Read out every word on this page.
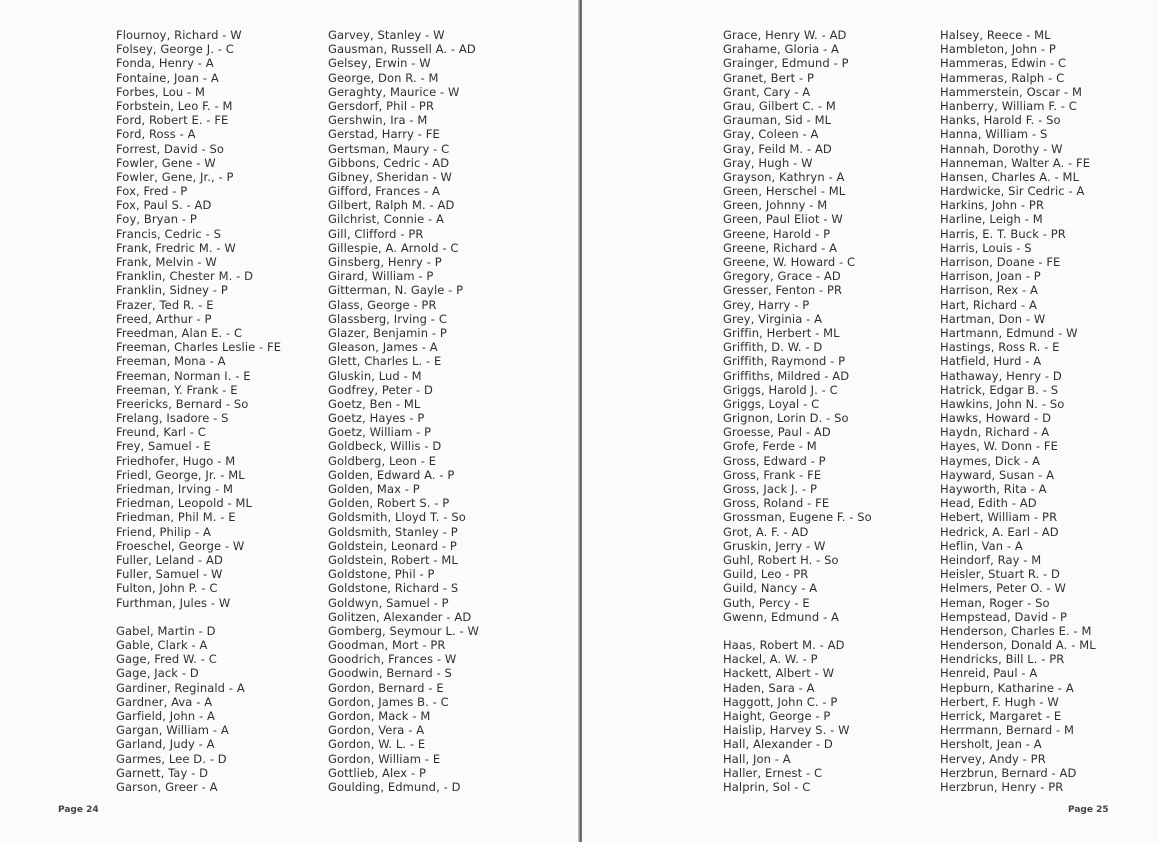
Flournoy, Richard - W
Folsey, George J. - C
Fonda, Henry - A
Fontaine, Joan - A
Forbes, Lou - M
Forbstein, Leo F. - M
Ford, Robert E. - FE
Ford, Ross - A
Forrest, David - So
Fowler, Gene - W
Fowler, Gene, Jr., - P
Fox, Fred - P
Fox, Paul S. - AD
Foy, Bryan - P
Francis, Cedric - S
Frank, Fredric M. - W
Frank, Melvin - W
Franklin, Chester M. - D
Franklin, Sidney - P
Frazer, Ted R. - E
Freed, Arthur - P
Freedman, Alan E. - C
Freeman, Charles Leslie - FE
Freeman, Mona - A
Freeman, Norman I. - E
Freeman, Y. Frank - E
Freericks, Bernard - So
Frelang, Isadore - S
Freund, Karl - C
Frey, Samuel - E
Friedhofer, Hugo - M
Friedl, George, Jr. - ML
Friedman, Irving - M
Friedman, Leopold - ML
Friedman, Phil M. - E
Friend, Philip - A
Froeschel, George - W
Fuller, Leland - AD
Fuller, Samuel - W
Fulton, John P. - C
Furthman, Jules - W
Gabel, Martin - D
Gable, Clark - A
Gage, Fred W. - C
Gage, Jack - D
Gardiner, Reginald - A
Gardner, Ava - A
Garfield, John - A
Gargan, William - A
Garland, Judy - A
Garmes, Lee D. - D
Garnett, Tay - D
Garson, Greer - A
Garvey, Stanley - W
Gausman, Russell A. - AD
Gelsey, Erwin - W
George, Don R. - M
Geraghty, Maurice - W
Gersdorf, Phil - PR
Gershwin, Ira - M
Gerstad, Harry - FE
Gertsman, Maury - C
Gibbons, Cedric - AD
Gibney, Sheridan - W
Gifford, Frances - A
Gilbert, Ralph M. - AD
Gilchrist, Connie - A
Gill, Clifford - PR
Gillespie, A. Arnold - C
Ginsberg, Henry - P
Girard, William - P
Gitterman, N. Gayle - P
Glass, George - PR
Glassberg, Irving - C
Glazer, Benjamin - P
Gleason, James - A
Glett, Charles L. - E
Gluskin, Lud - M
Godfrey, Peter - D
Goetz, Ben - ML
Goetz, Hayes - P
Goetz, William - P
Goldbeck, Willis - D
Goldberg, Leon - E
Golden, Edward A. - P
Golden, Max - P
Golden, Robert S. - P
Goldsmith, Lloyd T. - So
Goldsmith, Stanley - P
Goldstein, Leonard - P
Goldstein, Robert - ML
Goldstone, Phil - P
Goldstone, Richard - S
Goldwyn, Samuel - P
Golitzen, Alexander - AD
Gomberg, Seymour L. - W
Goodman, Mort - PR
Goodrich, Frances - W
Goodwin, Bernard - S
Gordon, Bernard - E
Gordon, James B. - C
Gordon, Mack - M
Gordon, Vera - A
Gordon, W. L. - E
Gordon, William - E
Gottlieb, Alex - P
Goulding, Edmund, - D
Page 24
Grace, Henry W. - AD
Grahame, Gloria - A
Grainger, Edmund - P
Granet, Bert - P
Grant, Cary - A
Grau, Gilbert C. - M
Grauman, Sid - ML
Gray, Coleen - A
Gray, Feild M. - AD
Gray, Hugh - W
Grayson, Kathryn - A
Green, Herschel - ML
Green, Johnny - M
Green, Paul Eliot - W
Greene, Harold - P
Greene, Richard - A
Greene, W. Howard - C
Gregory, Grace - AD
Gresser, Fenton - PR
Grey, Harry - P
Grey, Virginia - A
Griffin, Herbert - ML
Griffith, D. W. - D
Griffith, Raymond - P
Griffiths, Mildred - AD
Griggs, Harold J. - C
Griggs, Loyal - C
Grignon, Lorin D. - So
Groesse, Paul - AD
Grofe, Ferde - M
Gross, Edward - P
Gross, Frank - FE
Gross, Jack J. - P
Gross, Roland - FE
Grossman, Eugene F. - So
Grot, A. F. - AD
Gruskin, Jerry - W
Guhl, Robert H. - So
Guild, Leo - PR
Guild, Nancy - A
Guth, Percy - E
Gwenn, Edmund - A
Haas, Robert M. - AD
Hackel, A. W. - P
Hackett, Albert - W
Haden, Sara - A
Haggott, John C. - P
Haight, George - P
Haislip, Harvey S. - W
Hall, Alexander - D
Hall, Jon - A
Haller, Ernest - C
Halprin, Sol - C
Halsey, Reece - ML
Hambleton, John - P
Hammeras, Edwin - C
Hammeras, Ralph - C
Hammerstein, Oscar - M
Hanberry, William F. - C
Hanks, Harold F. - So
Hanna, William - S
Hannah, Dorothy - W
Hanneman, Walter A. - FE
Hansen, Charles A. - ML
Hardwicke, Sir Cedric - A
Harkins, John - PR
Harline, Leigh - M
Harris, E. T. Buck - PR
Harris, Louis - S
Harrison, Doane - FE
Harrison, Joan - P
Harrison, Rex - A
Hart, Richard - A
Hartman, Don - W
Hartmann, Edmund - W
Hastings, Ross R. - E
Hatfield, Hurd - A
Hathaway, Henry - D
Hatrick, Edgar B. - S
Hawkins, John N. - So
Hawks, Howard - D
Haydn, Richard - A
Hayes, W. Donn - FE
Haymes, Dick - A
Hayward, Susan - A
Hayworth, Rita - A
Head, Edith - AD
Hebert, William - PR
Hedrick, A. Earl - AD
Heflin, Van - A
Heindorf, Ray - M
Heisler, Stuart R. - D
Helmers, Peter O. - W
Heman, Roger - So
Hempstead, David - P
Henderson, Charles E. - M
Henderson, Donald A. - ML
Hendricks, Bill L. - PR
Henreid, Paul - A
Hepburn, Katharine - A
Herbert, F. Hugh - W
Herrick, Margaret - E
Herrmann, Bernard - M
Hersholt, Jean - A
Hervey, Andy - PR
Herzbrun, Bernard - AD
Herzbrun, Henry - PR
Page 25
